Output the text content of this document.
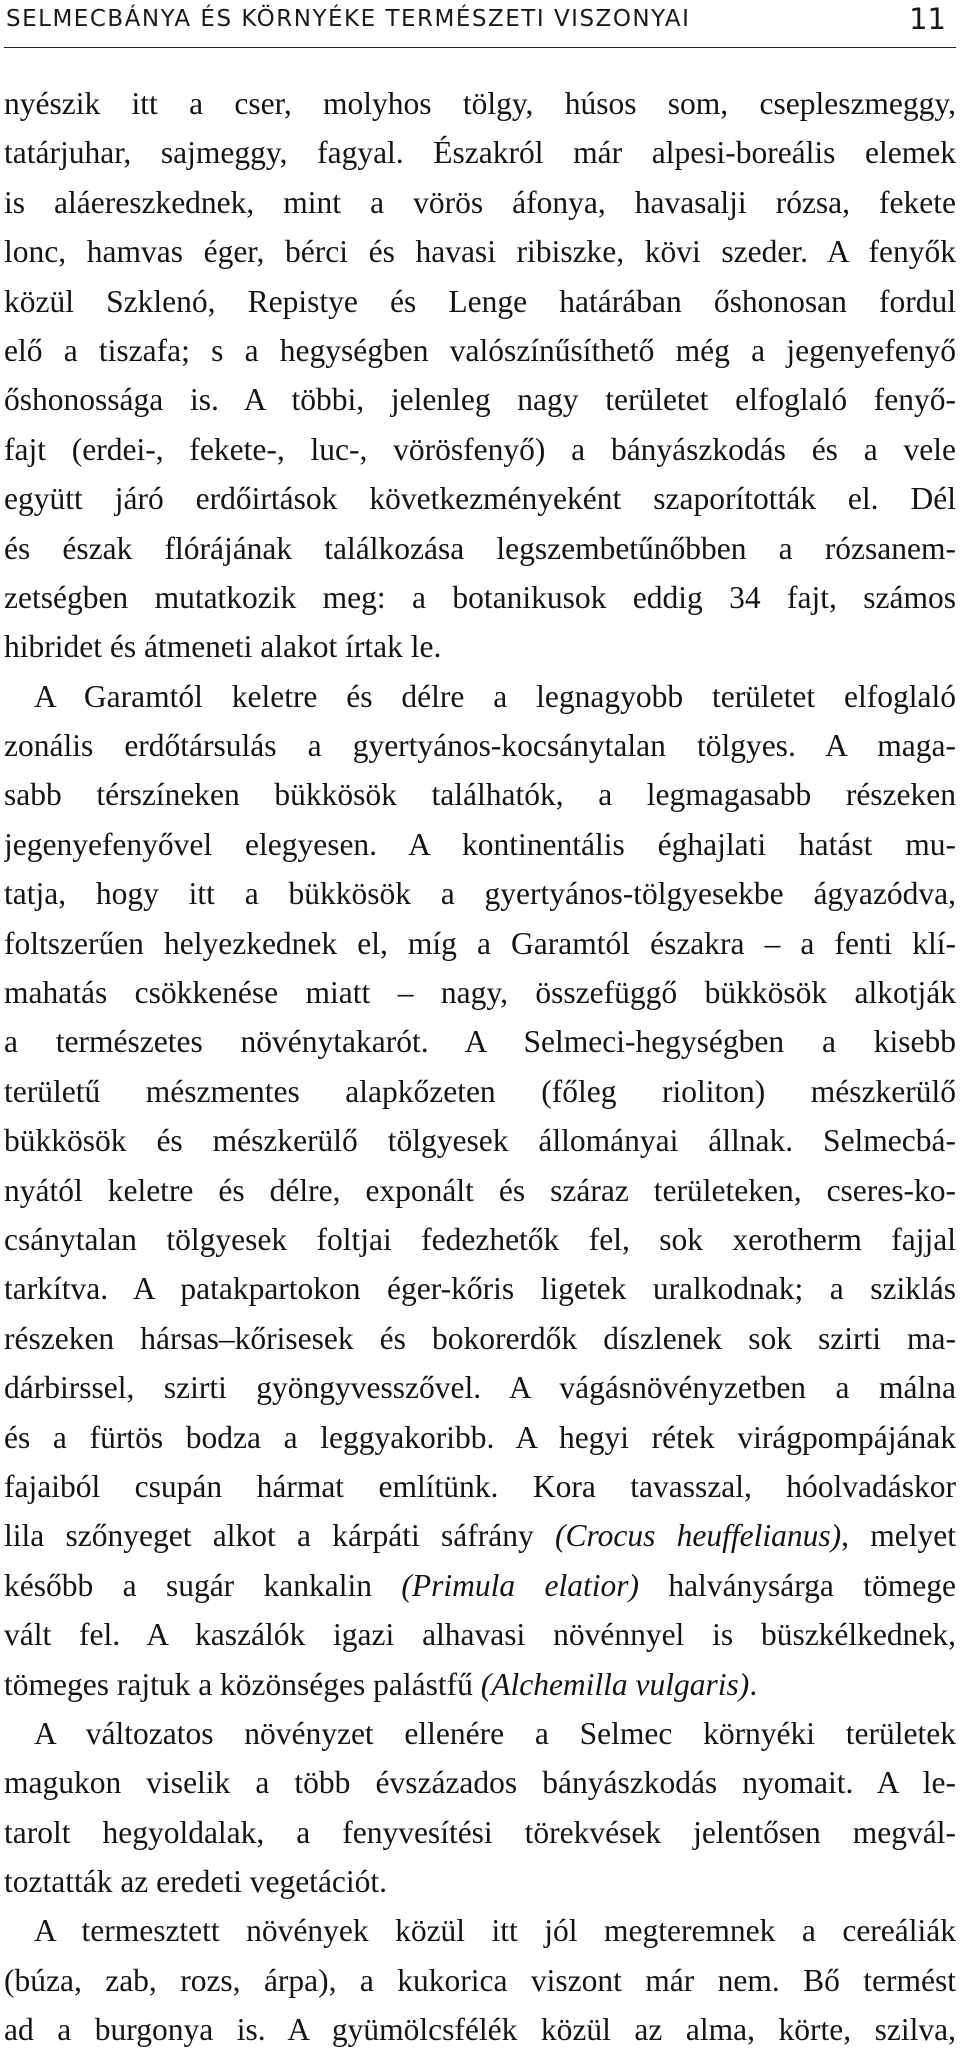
SELMECBÁNYA ÉS KÖRNYÉKE TERMÉSZETI VISZONYAI	11
nyészik itt a cser, molyhos tölgy, húsos som, csepleszmeggy,
tatárjuhar, sajmeggy, fagyal. Északról már alpesi-boreális elemek
is aláereszkednek, mint a vörös áfonya, havasalji rózsa, fekete
lonc, hamvas éger, bérci és havasi ribiszke, kövi szeder. A fenyők
közül Szklenó, Repistye és Lenge határában őshonosan fordul
elő a tiszafa; s a hegységben valószínűsíthető még a jegenyefenyő
őshonossága is. A többi, jelenleg nagy területet elfoglaló fenyő-
fajt (erdei-, fekete-, luc-, vörösfenyő) a bányászkodás és a vele
együtt járó erdőirtások következményeként szaporították el. Dél
és észak flórájának találkozása legszembetűnőbben a rózsanem-
zetségben mutatkozik meg: a botanikusok eddig 34 fajt, számos
hibridet és átmeneti alakot írtak le.
A Garamtól keletre és délre a legnagyobb területet elfoglaló
zonális erdőtársulás a gyertyános-kocsánytalan tölgyes. A maga-
sabb térszíneken bükkösök találhatók, a legmagasabb részeken
jegenyefenyővel elegyesen. A kontinentális éghajlati hatást mu-
tatja, hogy itt a bükkösök a gyertyános-tölgyesekbe ágyazódva,
foltszerűen helyezkednek el, míg a Garamtól északra – a fenti klí-
mahatás csökkenése miatt – nagy, összefüggő bükkösök alkotják
a természetes növénytakarót. A Selmeci-hegységben a kisebb
területű mészmentes alapkőzeten (főleg rioliton) mészkerülő
bükkösök és mészkerülő tölgyesek állományai állnak. Selmecbá-
nyától keletre és délre, exponált és száraz területeken, cseres-ko-
csánytalan tölgyesek foltjai fedezhetők fel, sok xerotherm fajjal
tarkítva. A patakpartokon éger-kőris ligetek uralkodnak; a sziklás
részeken hársas–kőrisesek és bokorerdők díszlenek sok szirti ma-
dárbirssel, szirti gyöngyvesszővel. A vágásnövényzetben a málna
és a fürtös bodza a leggyakoribb. A hegyi rétek virágpompájának
fajaiból csupán hármat említünk. Kora tavasszal, hóolvadáskor
lila szőnyeget alkot a kárpáti sáfrány (Crocus heuffelianus), melyet
később a sugár kankalin (Primula elatior) halványsárga tömege
vált fel. A kaszálók igazi alhavasi növénnyel is büszkélkednek,
tömeges rajtuk a közönséges palástfű (Alchemilla vulgaris).
A változatos növényzet ellenére a Selmec környéki területek
magukon viselik a több évszázados bányászkodás nyomait. A le-
tarolt hegyoldalak, a fenyvesítési törekvések jelentősen megvál-
toztatták az eredeti vegetációt.
A termesztett növények közül itt jól megteremnek a cereáliák
(búza, zab, rozs, árpa), a kukorica viszont már nem. Bő termést
ad a burgonya is. A gyümölcsfélék közül az alma, körte, szilva,
